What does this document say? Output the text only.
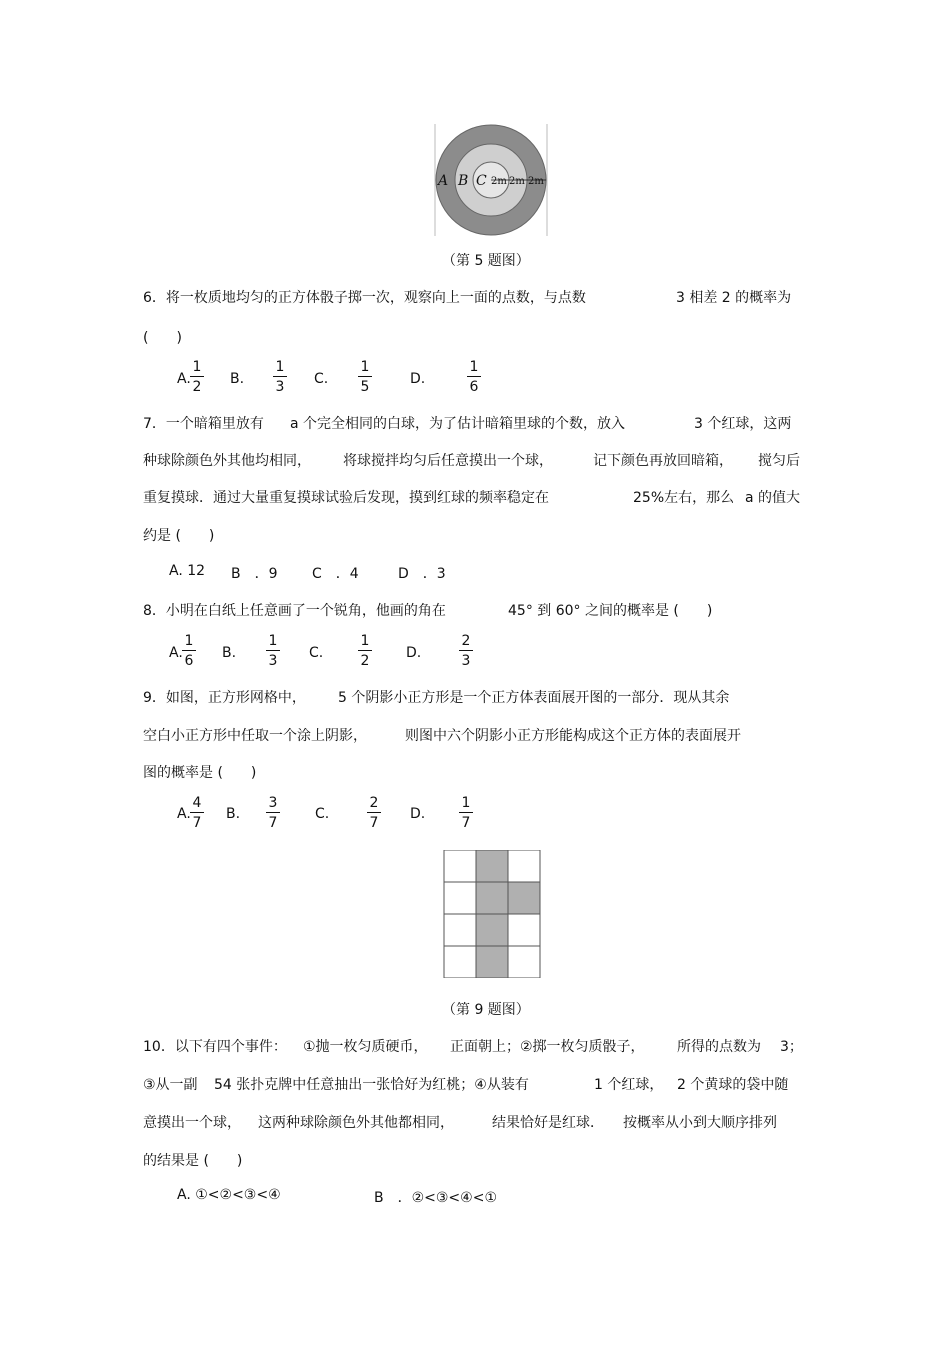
A B C 2m 2m 2m
（第 5 题图）
6．将一枚质地均匀的正方体骰子掷一次，观察向上一面的点数，与点数	3 相差 2 的概率为
(　　)
A.
1
2 B.
1
3 C.
1
5	D.
1
6
7．一个暗箱里放有 a 个完全相同的白球，为了估计暗箱里球的个数，放入	3 个红球，这两
种球除颜色外其他均相同， 将球搅拌均匀后任意摸出一个球，	记下颜色再放回暗箱， 搅匀后
重复摸球．通过大量重复摸球试验后发现，摸到红球的频率稳定在	25%左右，那么 a 的值大
约是 (　　)
A. 12 B　．9 C　．4	D　．3
8．小明在白纸上任意画了一个锐角，他画的角在	45° 到 60° 之间的概率是 (　　)
A.
1
6 B.
1
3 C.
1
2	D.
2
3
9．如图，正方形网格中， 5 个阴影小正方形是一个正方体表面展开图的一部分．现从其余
空白小正方形中任取一个涂上阴影，	则图中六个阴影小正方形能构成这个正方体的表面展开
图的概率是 (　　)
A.
4
7
B.
3
7
C.
2
7
D.
1
7
（第 9 题图）
10．以下有四个事件： ①抛一枚匀质硬币， 正面朝上；②掷一枚匀质骰子， 所得的点数为 3；
③从一副 54 张扑克牌中任意抽出一张恰好为红桃；④从装有	1 个红球， 2 个黄球的袋中随
意摸出一个球， 这两种球除颜色外其他都相同，	结果恰好是红球． 按概率从小到大顺序排列
的结果是 (　　)
A. ①<②<③<④	B　．②<③<④<①
